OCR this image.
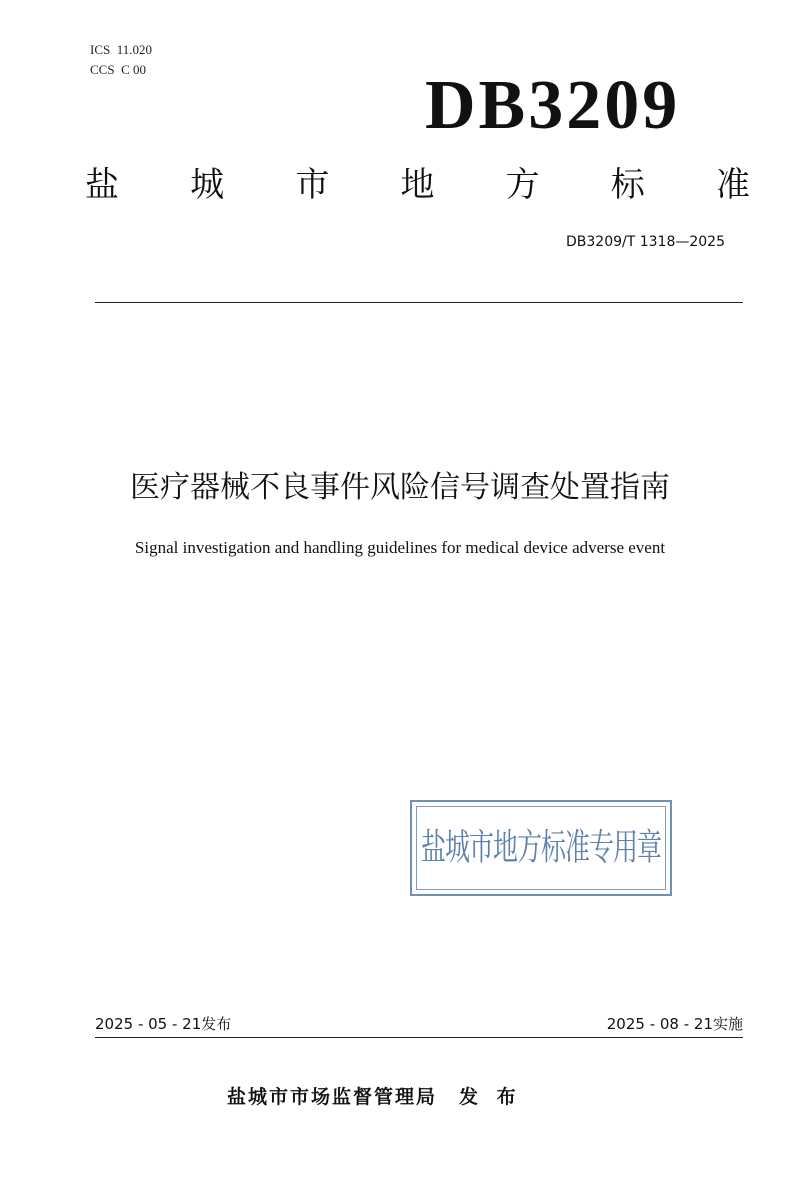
ICS  11.020
CCS  C 00	DB3209
盐 城 市 地 方 标 准
DB3209/T 1318—2025
医疗器械不良事件风险信号调查处置指南
Signal investigation and handling guidelines for medical device adverse event
盐城市地方标准专用章
2025 - 05 - 21发布	2025 - 08 - 21实施
盐城市市场监督管理局 发 布
